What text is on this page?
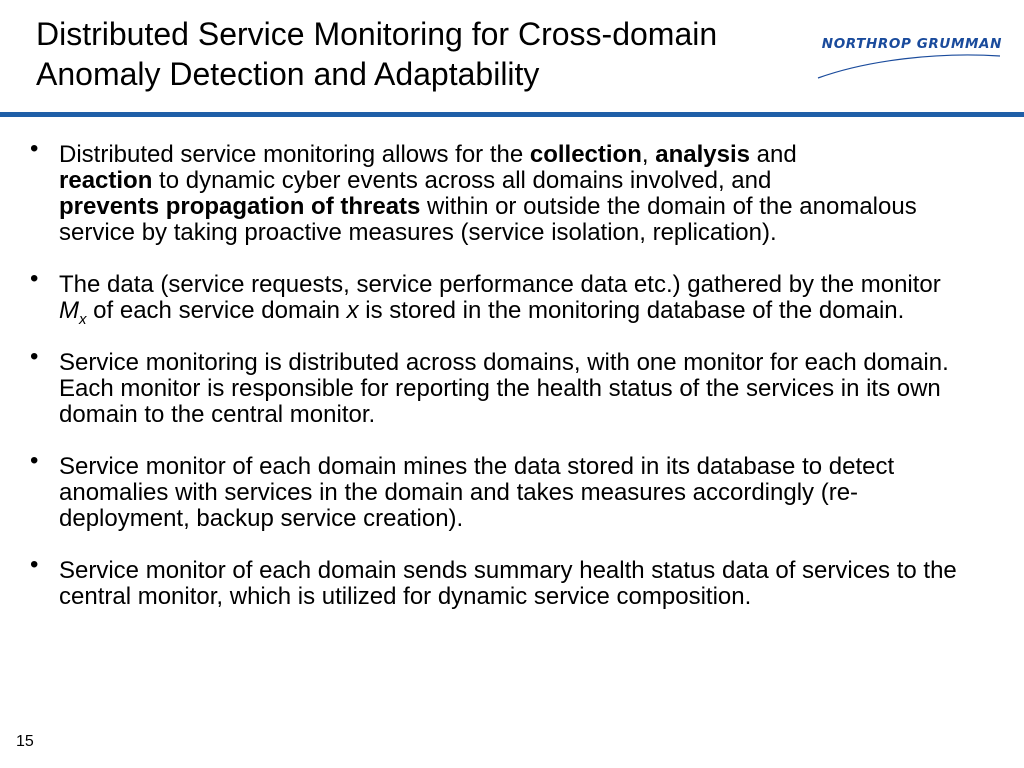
Distributed Service Monitoring for Cross-domain
Anomaly Detection and Adaptability
NORTHROP GRUMMAN
• Distributed service monitoring allows for the collection, analysis and
reaction to dynamic cyber events across all domains involved, and
prevents propagation of threats within or outside the domain of the anomalous service by taking proactive measures (service isolation, replication).
• The data (service requests, service performance data etc.) gathered by the monitor $M_x$ of each service domain x is stored in the monitoring database of the domain.
• Service monitoring is distributed across domains, with one monitor for each domain. Each monitor is responsible for reporting the health status of the services in its own domain to the central monitor.
• Service monitor of each domain mines the data stored in its database to detect anomalies with services in the domain and takes measures accordingly (re-deployment, backup service creation).
• Service monitor of each domain sends summary health status data of services to the central monitor, which is utilized for dynamic service composition.
15
